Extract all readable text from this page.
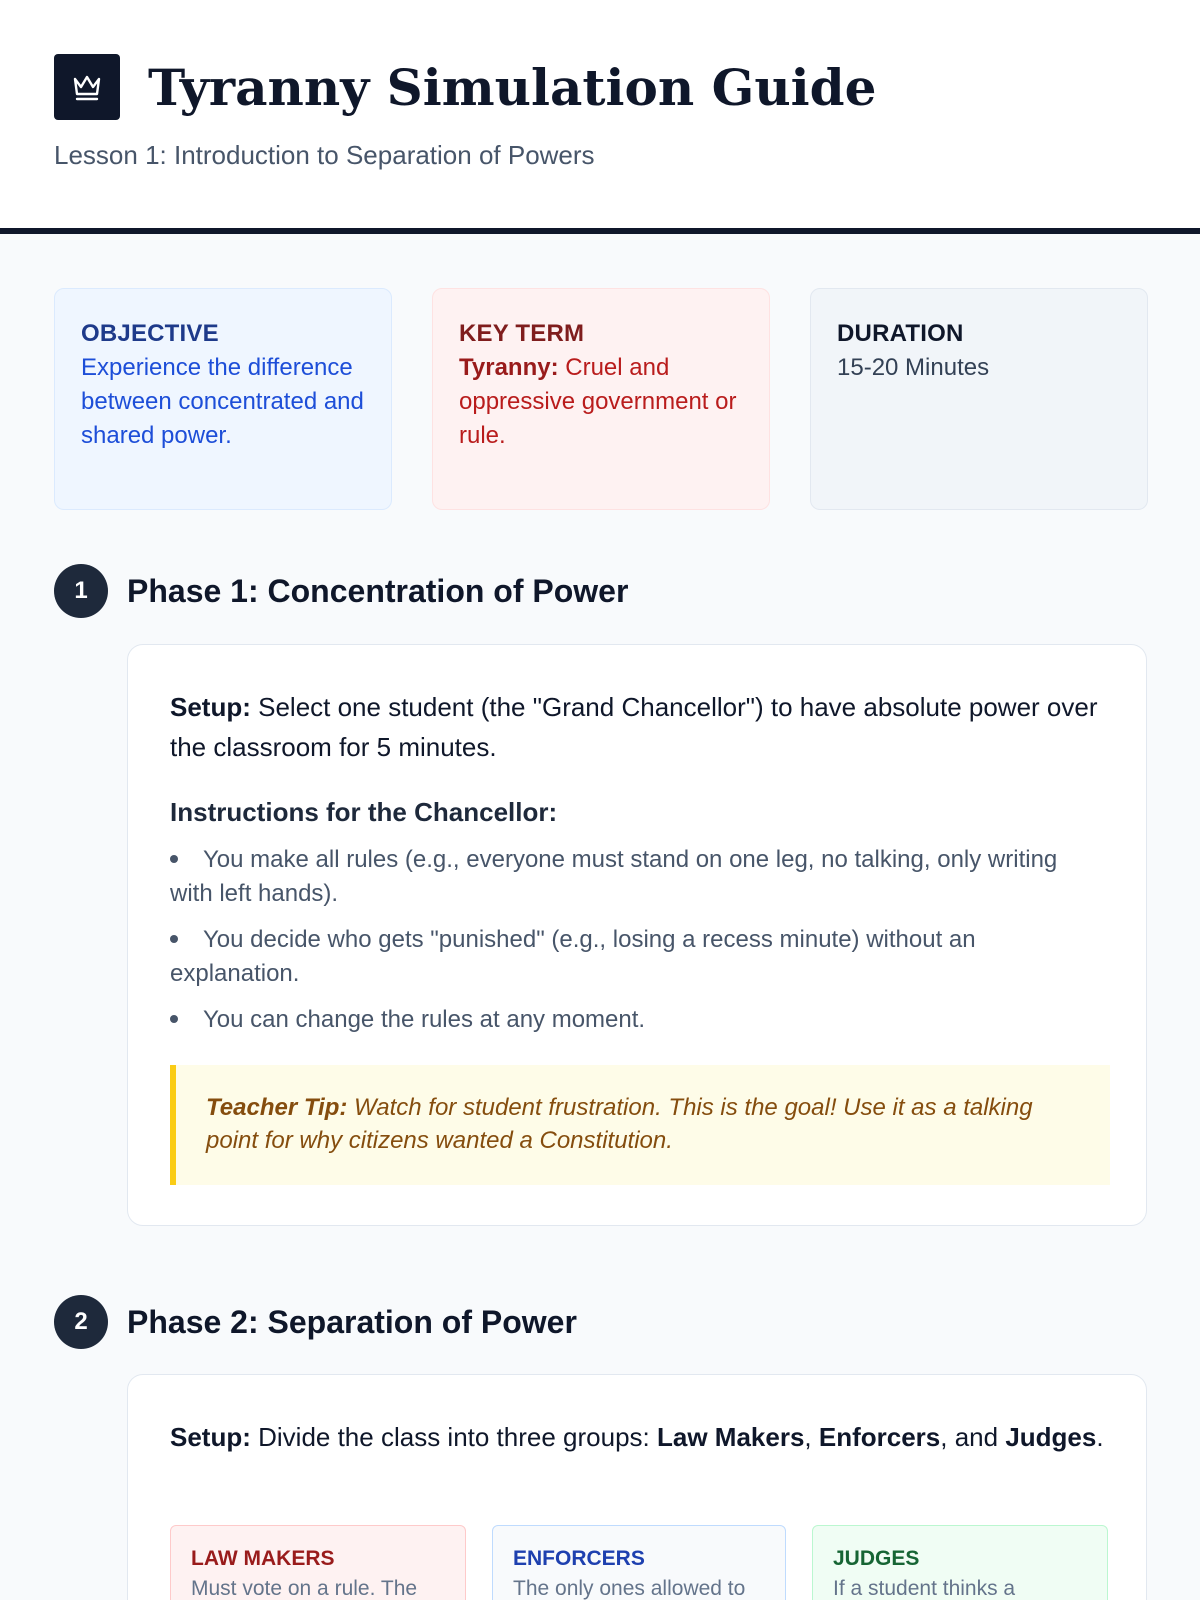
Tyranny Simulation Guide
Lesson 1: Introduction to Separation of Powers
OBJECTIVE
Experience the difference between concentrated and shared power.
KEY TERM
Tyranny: Cruel and oppressive government or rule.
DURATION
15-20 Minutes
1	Phase 1: Concentration of Power

Setup: Select one student (the "Grand Chancellor") to have absolute power over the classroom for 5 minutes.

Instructions for the Chancellor:
You make all rules (e.g., everyone must stand on one leg, no talking, only writing with left hands).
You decide who gets "punished" (e.g., losing a recess minute) without an explanation.
You can change the rules at any moment.
Teacher Tip: Watch for student frustration. This is the goal! Use it as a talking point for why citizens wanted a Constitution.
2	Phase 2: Separation of Power

Setup: Divide the class into three groups: Law Makers, Enforcers, and Judges.

LAW MAKERS
Must vote on a rule. The
ENFORCERS
The only ones allowed to
JUDGES
If a student thinks a
